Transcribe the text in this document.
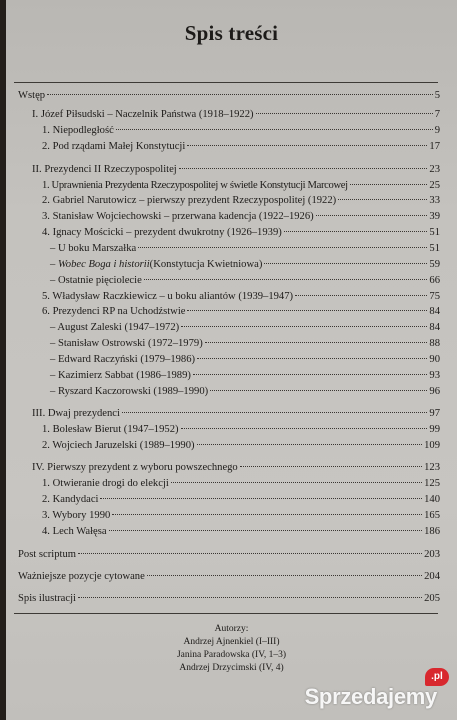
Spis treści
Wstęp	5
I. Józef Piłsudski – Naczelnik Państwa (1918–1922)	7
1. Niepodległość	9
2. Pod rządami Małej Konstytucji	17
II. Prezydenci II Rzeczypospolitej	23
1. Uprawnienia Prezydenta Rzeczypospolitej w świetle Konstytucji Marcowej	25
2. Gabriel Narutowicz – pierwszy prezydent Rzeczypospolitej (1922)	33
3. Stanisław Wojciechowski – przerwana kadencja (1922–1926)	39
4. Ignacy Mościcki – prezydent dwukrotny (1926–1939)	51
– U boku Marszałka	51
– Wobec Boga i historii (Konstytucja Kwietniowa)	59
– Ostatnie pięciolecie	66
5. Władysław Raczkiewicz – u boku aliantów (1939–1947)	75
6. Prezydenci RP na Uchodźstwie	84
– August Zaleski (1947–1972)	84
– Stanisław Ostrowski (1972–1979)	88
– Edward Raczyński (1979–1986)	90
– Kazimierz Sabbat (1986–1989)	93
– Ryszard Kaczorowski (1989–1990)	96
III. Dwaj prezydenci	97
1. Bolesław Bierut (1947–1952)	99
2. Wojciech Jaruzelski (1989–1990)	109
IV. Pierwszy prezydent z wyboru powszechnego	123
1. Otwieranie drogi do elekcji	125
2. Kandydaci	140
3. Wybory 1990	165
4. Lech Wałęsa	186
Post scriptum	203
Ważniejsze pozycje cytowane	204
Spis ilustracji	205
Autorzy:
Andrzej Ajnenkiel (I–III)
Janina Paradowska (IV, 1–3)
Andrzej Drzycimski (IV, 4)
.pl
Sprzedajemy
